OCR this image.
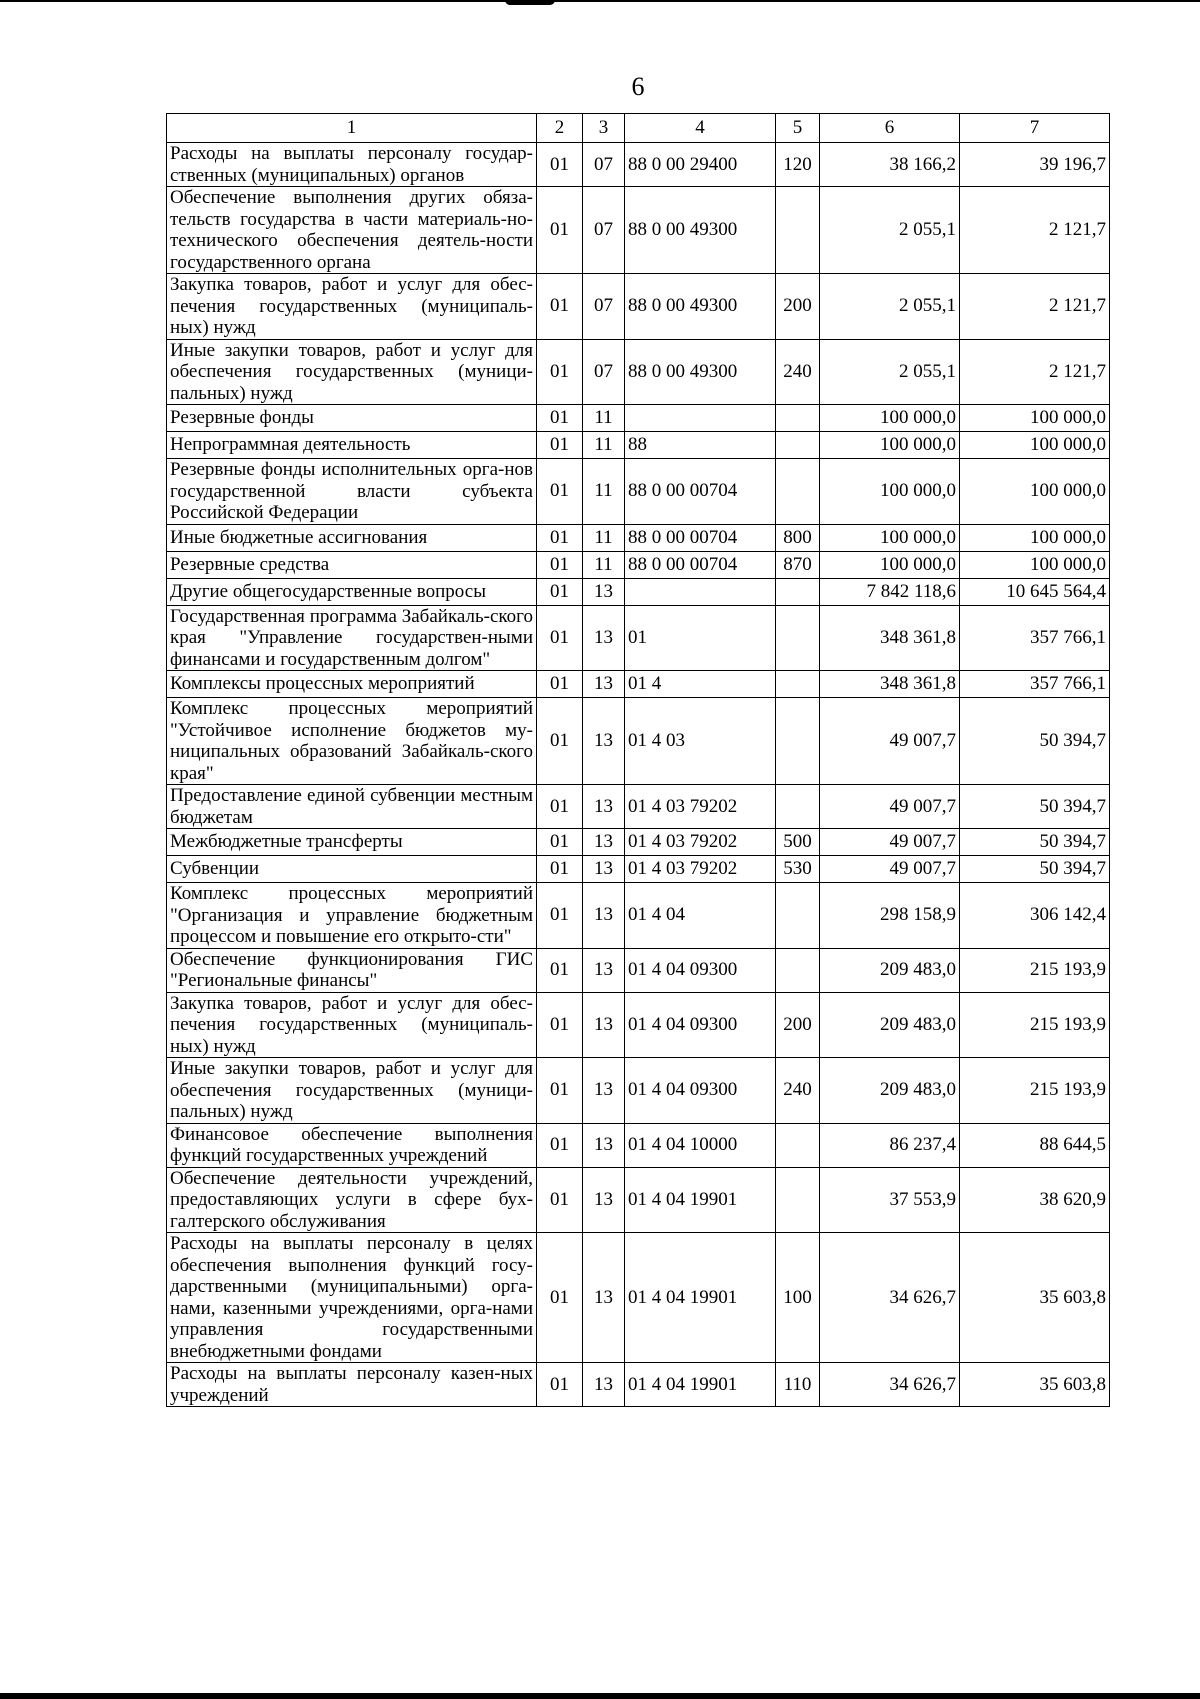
6
1	2	3	4	5	6	7
Расходы на выплаты персоналу государ-ственных (муниципальных) органов	01	07	88 0 00 29400	120	38 166,2	39 196,7
Обеспечение выполнения других обяза-тельств государства в части материаль-но-технического обеспечения деятель-ности государственного органа	01	07	88 0 00 49300		2 055,1	2 121,7
Закупка товаров, работ и услуг для обес-печения государственных (муниципаль-ных) нужд	01	07	88 0 00 49300	200	2 055,1	2 121,7
Иные закупки товаров, работ и услуг для обеспечения государственных (муници-пальных) нужд	01	07	88 0 00 49300	240	2 055,1	2 121,7
Резервные фонды	01	11			100 000,0	100 000,0
Непрограммная деятельность	01	11	88		100 000,0	100 000,0
Резервные фонды исполнительных орга-нов государственной власти субъекта Российской Федерации	01	11	88 0 00 00704		100 000,0	100 000,0
Иные бюджетные ассигнования	01	11	88 0 00 00704	800	100 000,0	100 000,0
Резервные средства	01	11	88 0 00 00704	870	100 000,0	100 000,0
Другие общегосударственные вопросы	01	13			7 842 118,6	10 645 564,4
Государственная программа Забайкаль-ского края "Управление государствен-ными финансами и государственным долгом"	01	13	01		348 361,8	357 766,1
Комплексы процессных мероприятий	01	13	01 4		348 361,8	357 766,1
Комплекс процессных мероприятий "Устойчивое исполнение бюджетов му-ниципальных образований Забайкаль-ского края"	01	13	01 4 03		49 007,7	50 394,7
Предоставление единой субвенции местным бюджетам	01	13	01 4 03 79202		49 007,7	50 394,7
Межбюджетные трансферты	01	13	01 4 03 79202	500	49 007,7	50 394,7
Субвенции	01	13	01 4 03 79202	530	49 007,7	50 394,7
Комплекс процессных мероприятий "Организация и управление бюджетным процессом и повышение его открыто-сти"	01	13	01 4 04		298 158,9	306 142,4
Обеспечение функционирования ГИС "Региональные финансы"	01	13	01 4 04 09300		209 483,0	215 193,9
Закупка товаров, работ и услуг для обес-печения государственных (муниципаль-ных) нужд	01	13	01 4 04 09300	200	209 483,0	215 193,9
Иные закупки товаров, работ и услуг для обеспечения государственных (муници-пальных) нужд	01	13	01 4 04 09300	240	209 483,0	215 193,9
Финансовое обеспечение выполнения функций государственных учреждений	01	13	01 4 04 10000		86 237,4	88 644,5
Обеспечение деятельности учреждений, предоставляющих услуги в сфере бух-галтерского обслуживания	01	13	01 4 04 19901		37 553,9	38 620,9
Расходы на выплаты персоналу в целях обеспечения выполнения функций госу-дарственными (муниципальными) орга-нами, казенными учреждениями, орга-нами управления государственными внебюджетными фондами	01	13	01 4 04 19901	100	34 626,7	35 603,8
Расходы на выплаты персоналу казен-ных учреждений	01	13	01 4 04 19901	110	34 626,7	35 603,8
